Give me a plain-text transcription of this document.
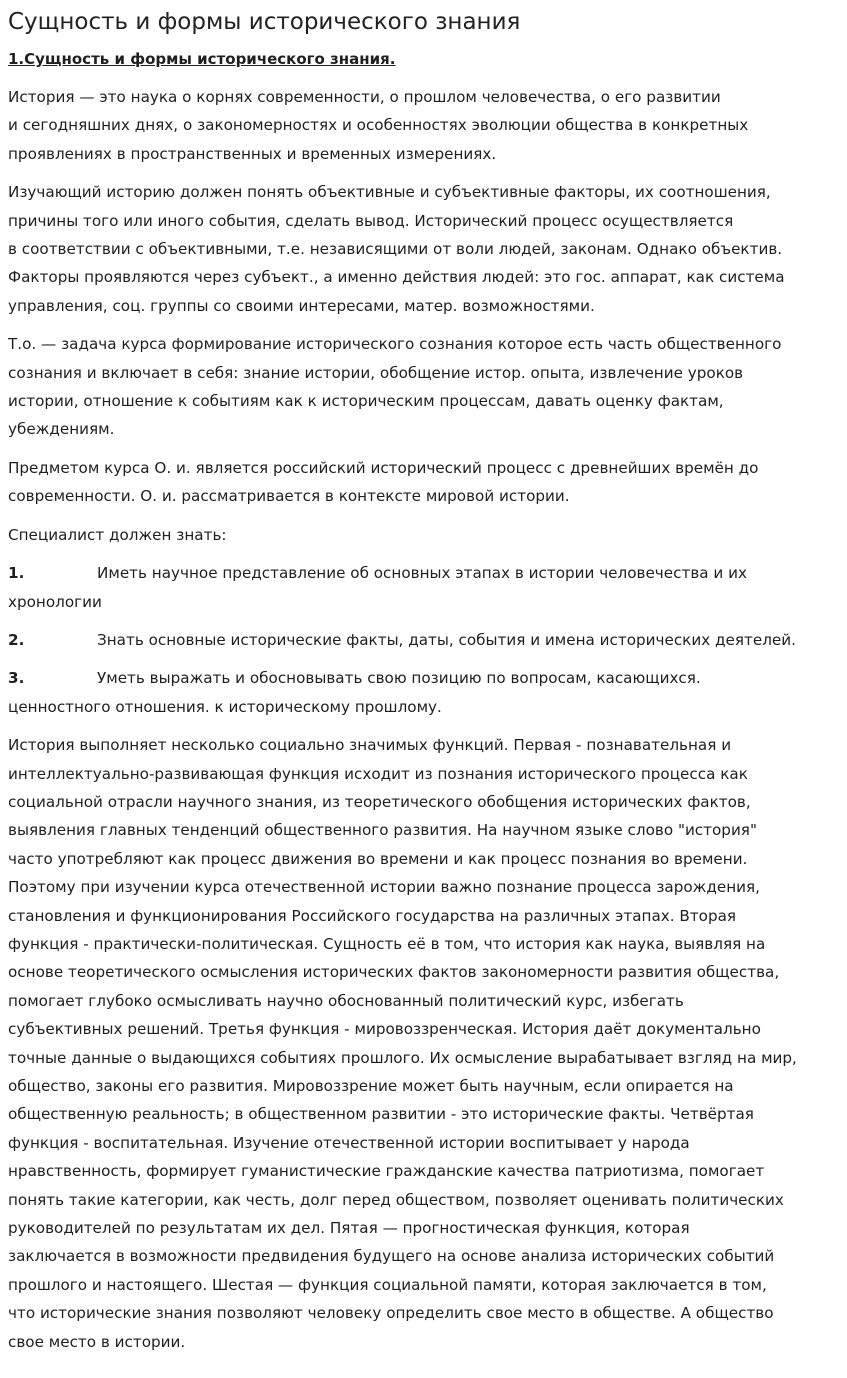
Сущность и формы исторического знания
1.Сущность и формы исторического знания.

История — это наука о корнях современности, о прошлом человечества, о его развитии
и сегодняшних днях, о закономерностях и особенностях эволюции общества в конкретных
проявлениях в пространственных и временных измерениях.

Изучающий историю должен понять объективные и субъективные факторы, их соотношения,
причины того или иного события, сделать вывод. Исторический процесс осуществляется
в соответствии с объективными, т.е. независящими от воли людей, законам. Однако объектив.
Факторы проявляются через субъект., а именно действия людей: это гос. аппарат, как система
управления, соц. группы со своими интересами, матер. возможностями.

Т.о. — задача курса формирование исторического сознания которое есть часть общественного
сознания и включает в себя: знание истории, обобщение истор. опыта, извлечение уроков
истории, отношение к событиям как к историческим процессам, давать оценку фактам,
убеждениям.

Предметом курса О. и. является российский исторический процесс с древнейших времён до
современности. О. и. рассматривается в контексте мировой истории.

Специалист должен знать:

1.	Иметь научное представление об основных этапах в истории человечества и их
хронологии
2.	Знать основные исторические факты, даты, события и имена исторических деятелей.
3.	Уметь выражать и обосновывать свою позицию по вопросам, касающихся.
ценностного отношения. к историческому прошлому.

История выполняет несколько социально значимых функций. Первая - познавательная и
интеллектуально-развивающая функция исходит из познания исторического процесса как
социальной отрасли научного знания, из теоретического обобщения исторических фактов,
выявления главных тенденций общественного развития. На научном языке слово "история"
часто употребляют как процесс движения во времени и как процесс познания во времени.
Поэтому при изучении курса отечественной истории важно познание процесса зарождения,
становления и функционирования Российского государства на различных этапах. Вторая
функция - практически-политическая. Сущность её в том, что история как наука, выявляя на
основе теоретического осмысления исторических фактов закономерности развития общества,
помогает глубоко осмысливать научно обоснованный политический курс, избегать
субъективных решений. Третья функция - мировоззренческая. История даёт документально
точные данные о выдающихся событиях прошлого. Их осмысление вырабатывает взгляд на мир,
общество, законы его развития. Мировоззрение может быть научным, если опирается на
общественную реальность; в общественном развитии - это исторические факты. Четвёртая
функция - воспитательная. Изучение отечественной истории воспитывает у народа
нравственность, формирует гуманистические гражданские качества патриотизма, помогает
понять такие категории, как честь, долг перед обществом, позволяет оценивать политических
руководителей по результатам их дел. Пятая — прогностическая функция, которая
заключается в возможности предвидения будущего на основе анализа исторических событий
прошлого и настоящего. Шестая — функция социальной памяти, которая заключается в том,
что исторические знания позволяют человеку определить свое место в обществе. А общество
свое место в истории.
